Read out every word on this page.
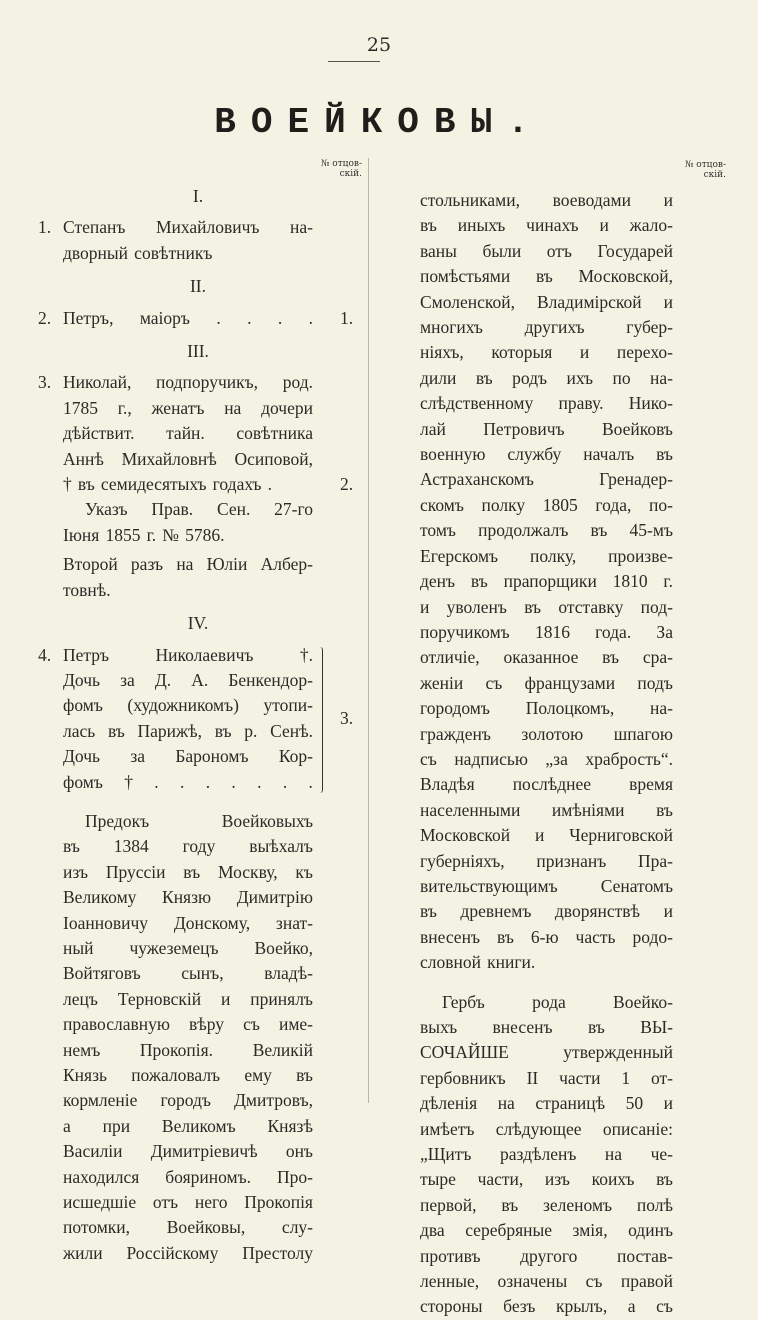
25
ВОЕЙКОВЫ.
№ отцов-
скій.
№ отцов-
скій.
I.
1. Степанъ Михайловичъ на-
дворный совѣтникъ
II.
2. Петръ, маіоръ . . . . 1.
III.
3. Николай, подпоручикъ, род.
1785 г., женатъ на дочери
дѣйствит. тайн. совѣтника
Аннѣ Михайловнѣ Осиповой,
† въ семидесятыхъ годахъ .	2.
Указъ Прав. Сен. 27-го
Іюня 1855 г. № 5786.
Второй разъ на Юліи Албер-
товнѣ.
IV.
4. Петръ	Николаевичъ	†.
Дочь за Д. А. Бенкендор-
фомъ (художникомъ) утопи-
лась въ Парижѣ, въ р. Сенѣ.
Дочь за Барономъ Кор-
фомъ † . . . . . . .
3.
Предокъ	Воейковыхъ
въ 1384 году выѣхалъ
изъ Пруссіи въ Москву, къ
Великому Князю Димитрію
Іоанновичу Донскому, знат-
ный чужеземецъ Воейко,
Войтяговъ сынъ, владѣ-
лецъ Терновскій и принялъ
православную вѣру съ име-
немъ Прокопія. Великій
Князь пожаловалъ ему въ
кормленіе городъ Дмитровъ,
а при Великомъ Князѣ
Василіи Димитріевичѣ онъ
находился бояриномъ. Про-
исшедшіе отъ него Прокопія
потомки, Воейковы, слу-
жили Россійскому Престолу
стольниками, воеводами и
въ иныхъ чинахъ и жало-
ваны были отъ Государей
помѣстьями въ Московской,
Смоленской, Владимірской и
многихъ другихъ губер-
ніяхъ, которыя и перехо-
дили въ родъ ихъ по на-
слѣдственному праву. Нико-
лай Петровичъ Воейковъ
военную службу началъ въ
Астраханскомъ	Гренадер-
скомъ полку 1805 года, по-
томъ продолжалъ въ 45-мъ
Егерскомъ полку, произве-
денъ въ прапорщики 1810 г.
и уволенъ въ отставку под-
поручикомъ 1816 года. За
отличіе, оказанное въ сра-
женіи съ французами подъ
городомъ Полоцкомъ, на-
гражденъ золотою шпагою
съ надписью „за храбрость“.
Владѣя послѣднее время
населенными имѣніями въ
Московской и Черниговской
губерніяхъ, признанъ Пра-
вительствующимъ Сенатомъ
въ древнемъ дворянствѣ и
внесенъ въ 6-ю часть родо-
словной книги.
Гербъ	рода	Воейко-
выхъ внесенъ въ ВЫ-
СОЧАЙШЕ	утвержденный
гербовникъ II части 1 от-
дѣленія на страницѣ 50 и
имѣетъ слѣдующее описаніе:
„Щитъ раздѣленъ на че-
тыре части, изъ коихъ въ
первой, въ зеленомъ полѣ
два серебряные змія, одинъ
противъ другого постав-
ленные, означены съ правой
стороны безъ крылъ, а съ
